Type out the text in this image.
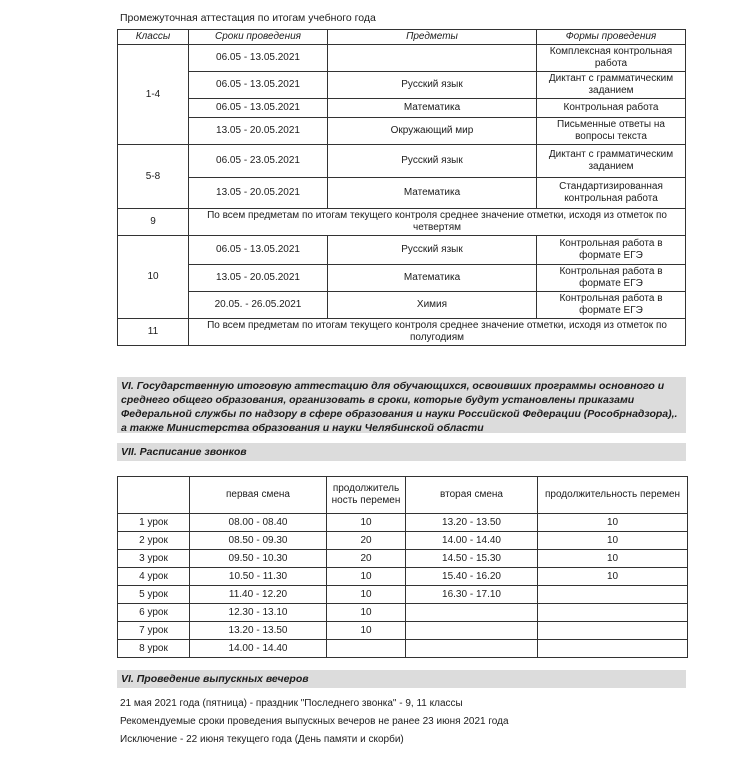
Промежуточная аттестация по итогам учебного года
Классы	Сроки проведения	Предметы	Формы проведения
1-4	06.05 - 13.05.2021		Комплексная контрольная работа
	06.05 - 13.05.2021	Русский язык	Диктант с грамматическим заданием
	06.05 - 13.05.2021	Математика	Контрольная работа
	13.05 - 20.05.2021	Окружающий мир	Письменные ответы на вопросы текста
5-8	06.05 - 23.05.2021	Русский язык	Диктант с грамматическим заданием
	13.05 - 20.05.2021	Математика	Стандартизированная контрольная работа
9	По всем предметам по итогам текущего контроля среднее значение отметки, исходя из отметок по четвертям		
10	06.05 - 13.05.2021	Русский язык	Контрольная работа в формате ЕГЭ
	13.05 - 20.05.2021	Математика	Контрольная работа в формате ЕГЭ
	20.05. - 26.05.2021	Химия	Контрольная работа в формате ЕГЭ
11	По всем предметам по итогам текущего контроля среднее значение отметки, исходя из отметок по полугодиям		
VI. Государственную итоговую аттестацию для обучающихся, освоивших программы основного и среднего общего образования, организовать в сроки, которые будут установлены приказами Федеральной службы по надзору в сфере образования и науки Российской Федерации (Рособрнадзора),. а также Министерства образования и науки Челябинской области
VII. Расписание звонков
	первая смена	продолжитель ность перемен	вторая смена	продолжительность перемен
1 урок	08.00 - 08.40	10	13.20 - 13.50	10
2 урок	08.50 - 09.30	20	14.00 - 14.40	10
3 урок	09.50 - 10.30	20	14.50 - 15.30	10
4 урок	10.50 - 11.30	10	15.40 - 16.20	10
5 урок	11.40 - 12.20	10	16.30 - 17.10	
6 урок	12.30 - 13.10	10		
7 урок	13.20 - 13.50	10		
8 урок	14.00 - 14.40			
VI. Проведение выпускных вечеров
21 мая 2021 года (пятница) - праздник "Последнего звонка" - 9, 11 классы
Рекомендуемые сроки проведения выпускных вечеров не ранее 23 июня 2021 года
Исключение - 22 июня текущего года (День памяти и скорби)
